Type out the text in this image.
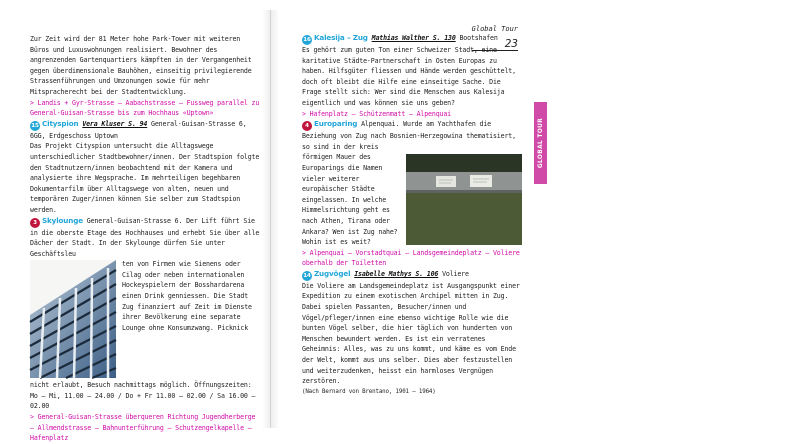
Zur Zeit wird der 81 Meter hohe Park-Tower mit weiteren Büros und Luxuswohnungen realisiert. Bewohner des angrenzenden Gartenquartiers kämpften in der Vergangenheit gegen überdimensionale Bauhöhen, einseitig privilegierende Strassenführungen und Umzonungen sowie für mehr Mitspracherecht bei der Stadtentwicklung.

> Landis + Gyr-Strasse – Aabachstrasse – Fussweg parallel zu General-Guisan-Strasse bis zum Hochhaus «Uptown»

15 Cityspion Vera Kluser S. 94 General-Guisan-Strasse 6, 6GG, Erdgeschoss Uptown

Das Projekt Cityspion untersucht die Alltagswege unterschiedlicher Stadtbewohner/innen. Der Stadtspion folgte den Stadtnutzern/innen beobachtend mit der Kamera und analysierte ihre Wegsprache. Im mehrteiligen begehbaren Dokumentarfilm über Alltagswege von alten, neuen und temporären Zuger/innen können Sie selber zum Stadtspion werden.

3 Skylounge General-Guisan-Strasse 6. Der Lift führt Sie in die oberste Etage des Hochhauses und erhebt Sie über alle Dächer der Stadt. In der Skylounge dürfen Sie unter Geschäftsleu

ten von Firmen wie Sienens oder Cilag oder neben internationalen Hockeyspielern der Bosshardarena einen Drink genniessen. Die Stadt Zug finanziert auf Zeit im Dienste ihrer Bevölkerung eine separate Lounge ohne Konsumzwang. Picknick

nicht erlaubt, Besuch nachmittags möglich. Öffnungszeiten: Mo – Mi, 11.00 – 24.00 / Do + Fr 11.00 – 02.00 / Sa 16.00 – 02.00

> General-Guisan-Strasse überqueren Richtung Jugendherberge – Allmendstrasse – Bahnunterführung – Schutzengelkapelle – Hafenplatz

Global Tour
23
GLOBAL TOUR

16 Kalesija – Zug Mathias Walther S. 130 Bootshafen

Es gehört zum guten Ton einer Schweizer Stadt, eine karitative Städte-Partnerschaft in Osten Europas zu haben. Hilfsgüter fliessen und Hände werden geschüttelt, doch oft bleibt die Hilfe eine einseitige Sache. Die Frage stellt sich: Wer sind die Menschen aus Kalesija eigentlich und was können sie uns geben?

> Hafenplatz – Schützenmatt – Alpenquai

4 Europaring Alpenquai. Wurde am Yachthafen die Beziehung von Zug nach Bosnien-Herzegowina thematisiert, so sind in der kreis

förmigen Mauer des Europarings die Namen vieler weiterer europäischer Städte eingelassen. In welche Himmelsrichtung geht es nach Athen, Tirana oder Ankara? Wen ist Zug nahe? Wohin ist es weit?

> Alpenquai – Vorstadtquai – Landsgemeindeplatz – Voliere oberhalb der Toiletten

14 Zugvögel Isabelle Mathys S. 106 Voliere

Die Voliere am Landsgemeindeplatz ist Ausgangspunkt einer Expedition zu einem exotischen Archipel mitten in Zug. Dabei spielen Passanten, Besucher/innen und Vögel/pfleger/innen eine ebenso wichtige Rolle wie die bunten Vögel selber, die hier täglich von hunderten von Menschen bewundert werden. Es ist ein verratenes Geheimnis: Alles, was zu uns kommt, und käme es vom Ende der Welt, kommt aus uns selber. Dies aber festzustellen und weiterzudenken, heisst ein harmloses Vergnügen zerstören.

(Nach Bernard von Brentano, 1901 – 1964)
